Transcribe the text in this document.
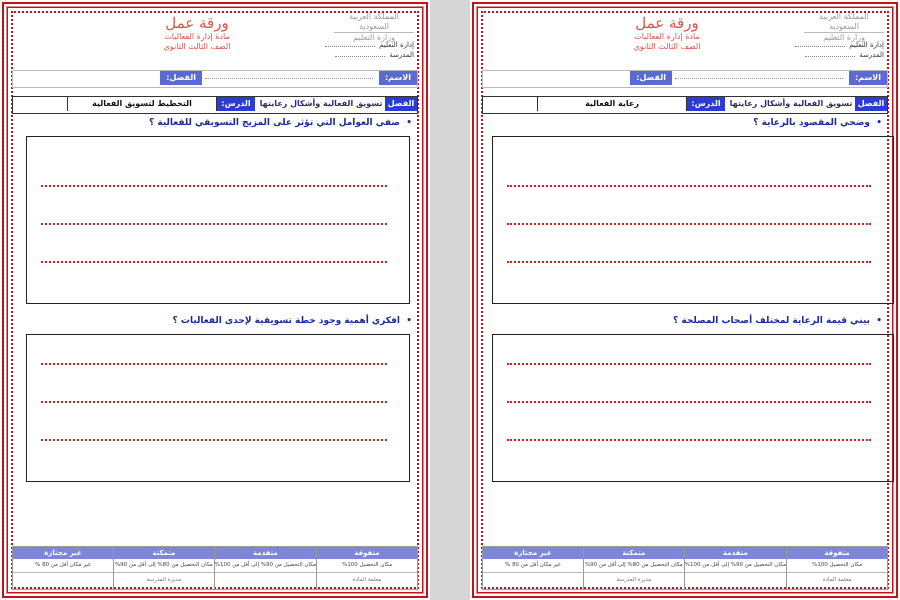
المملكة العربية السعودية
وزارة التعليم
إدارة التعليم
المدرسة
ورقة عمل
مادة إدارة الفعاليات
الصف الثالث الثانوي
الاسم:
الفصل:
الفصل
تسويق الفعالية وأشكال رعايتها
الدرس:
التخطيط لتسويق الفعالية
• صفي العوامل التي تؤثر على المزيج التسويقي للفعالية ؟
• افكري أهمية وجود خطة تسويقية لإحدى الفعاليات ؟
متفوقة
مكان التحصيل 100%
معلمة المادة
متقدمة
مكان التحصيل من 90% إلى أقل من 100%
متمكنة
مكان التحصيل من 80% إلى أقل من 90%
مديرة المدرسة
غير مجتازة
غير مكان أقل من 80 %
المملكة العربية السعودية
وزارة التعليم
إدارة التعليم
المدرسة
ورقة عمل
مادة إدارة الفعاليات
الصف الثالث الثانوي
الاسم:
الفصل:
الفصل
تسويق الفعالية وأشكال رعايتها
الدرس:
رعاية الفعالية
• وضحي المقصود بالرعاية ؟
• بيني قيمة الرعاية لمختلف أصحاب المصلحة ؟
متفوقة
مكان التحصيل 100%
معلمة المادة
متقدمة
مكان التحصيل من 90% إلى أقل من 100%
متمكنة
مكان التحصيل من 80% إلى أقل من 90%
مديرة المدرسة
غير مجتازة
غير مكان أقل من 80 %
